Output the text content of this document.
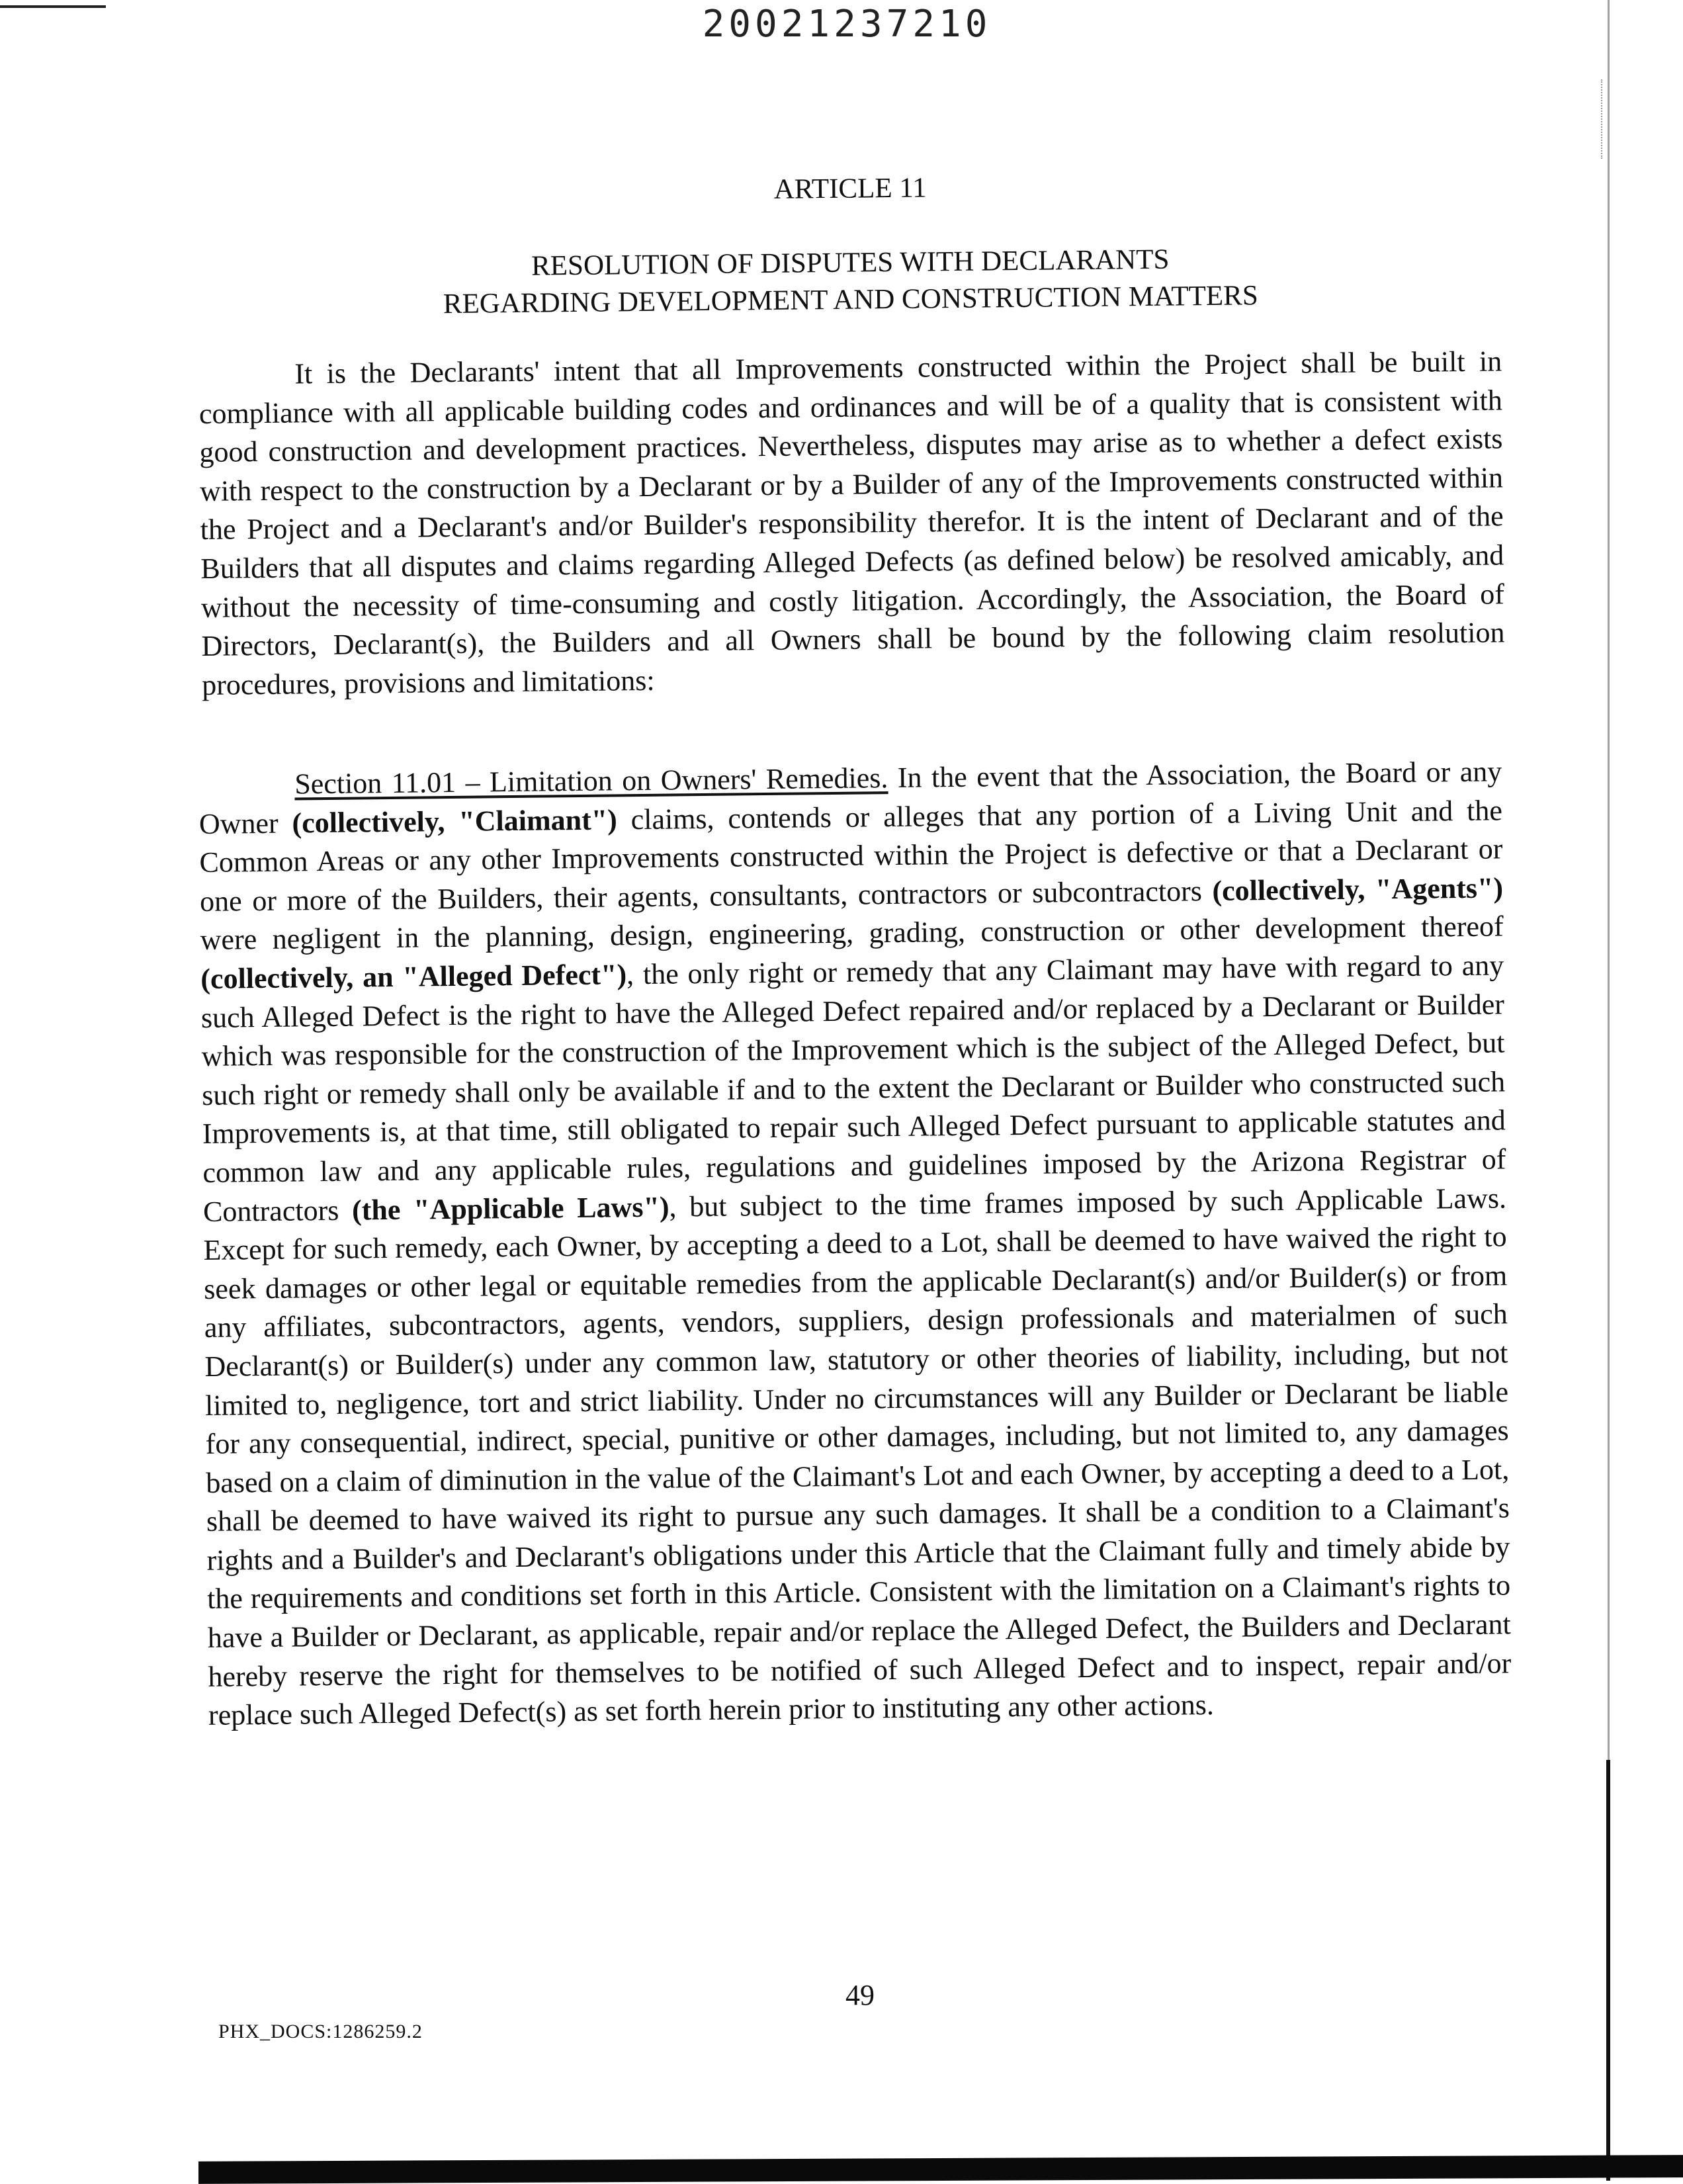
20021237210
ARTICLE 11
RESOLUTION OF DISPUTES WITH DECLARANTS
REGARDING DEVELOPMENT AND CONSTRUCTION MATTERS

It is the Declarants' intent that all Improvements constructed within the Project shall be built in compliance with all applicable building codes and ordinances and will be of a quality that is consistent with good construction and development practices. Nevertheless, disputes may arise as to whether a defect exists with respect to the construction by a Declarant or by a Builder of any of the Improvements constructed within the Project and a Declarant's and/or Builder's responsibility therefor. It is the intent of Declarant and of the Builders that all disputes and claims regarding Alleged Defects (as defined below) be resolved amicably, and without the necessity of time-consuming and costly litigation. Accordingly, the Association, the Board of Directors, Declarant(s), the Builders and all Owners shall be bound by the following claim resolution procedures, provisions and limitations:

Section 11.01 – Limitation on Owners' Remedies. In the event that the Association, the Board or any Owner (collectively, "Claimant") claims, contends or alleges that any portion of a Living Unit and the Common Areas or any other Improvements constructed within the Project is defective or that a Declarant or one or more of the Builders, their agents, consultants, contractors or subcontractors (collectively, "Agents") were negligent in the planning, design, engineering, grading, construction or other development thereof (collectively, an "Alleged Defect"), the only right or remedy that any Claimant may have with regard to any such Alleged Defect is the right to have the Alleged Defect repaired and/or replaced by a Declarant or Builder which was responsible for the construction of the Improvement which is the subject of the Alleged Defect, but such right or remedy shall only be available if and to the extent the Declarant or Builder who constructed such Improvements is, at that time, still obligated to repair such Alleged Defect pursuant to applicable statutes and common law and any applicable rules, regulations and guidelines imposed by the Arizona Registrar of Contractors (the "Applicable Laws"), but subject to the time frames imposed by such Applicable Laws. Except for such remedy, each Owner, by accepting a deed to a Lot, shall be deemed to have waived the right to seek damages or other legal or equitable remedies from the applicable Declarant(s) and/or Builder(s) or from any affiliates, subcontractors, agents, vendors, suppliers, design professionals and materialmen of such Declarant(s) or Builder(s) under any common law, statutory or other theories of liability, including, but not limited to, negligence, tort and strict liability. Under no circumstances will any Builder or Declarant be liable for any consequential, indirect, special, punitive or other damages, including, but not limited to, any damages based on a claim of diminution in the value of the Claimant's Lot and each Owner, by accepting a deed to a Lot, shall be deemed to have waived its right to pursue any such damages. It shall be a condition to a Claimant's rights and a Builder's and Declarant's obligations under this Article that the Claimant fully and timely abide by the requirements and conditions set forth in this Article. Consistent with the limitation on a Claimant's rights to have a Builder or Declarant, as applicable, repair and/or replace the Alleged Defect, the Builders and Declarant hereby reserve the right for themselves to be notified of such Alleged Defect and to inspect, repair and/or replace such Alleged Defect(s) as set forth herein prior to instituting any other actions.

49
PHX_DOCS:1286259.2
